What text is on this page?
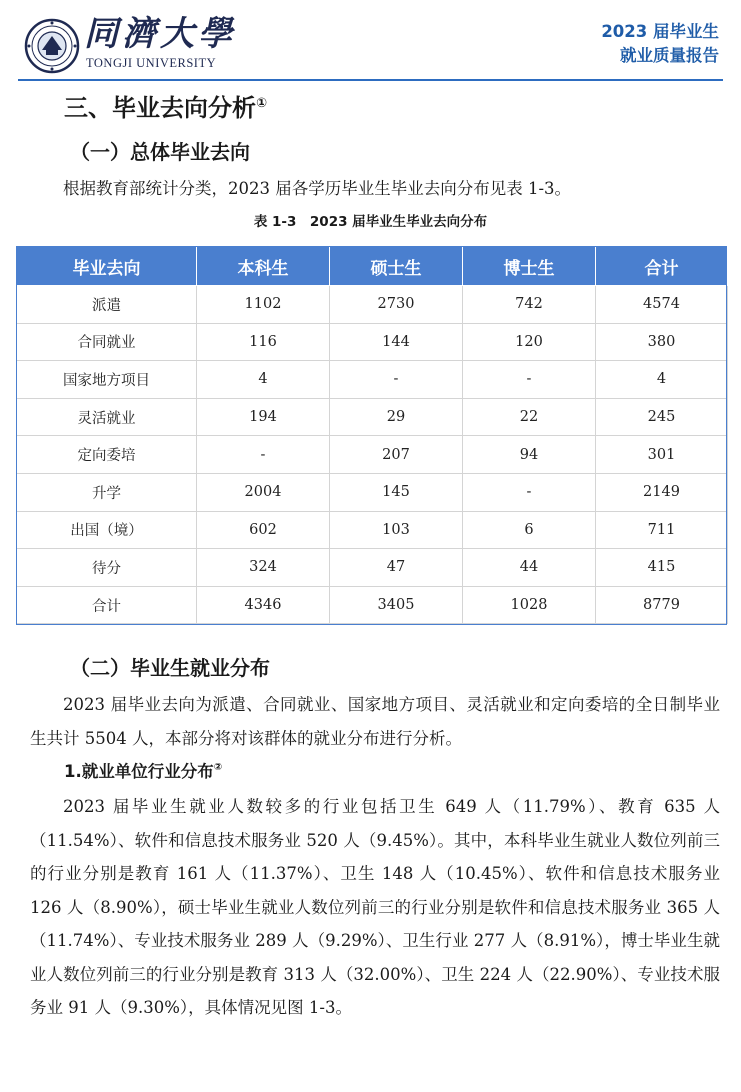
同濟大學
TONGJI UNIVERSITY
2023 届毕业生
就业质量报告
三、毕业去向分析①
（一）总体毕业去向
根据教育部统计分类，2023 届各学历毕业生毕业去向分布见表 1-3。
表 1-3　2023 届毕业生毕业去向分布
毕业去向	本科生	硕士生	博士生	合计
派遣	1102	2730	742	4574
合同就业	116	144	120	380
国家地方项目	4	-	-	4
灵活就业	194	29	22	245
定向委培	-	207	94	301
升学	2004	145	-	2149
出国（境）	602	103	6	711
待分	324	47	44	415
合计	4346	3405	1028	8779
（二）毕业生就业分布
2023 届毕业去向为派遣、合同就业、国家地方项目、灵活就业和定向委培的全日制毕业生共计 5504 人，本部分将对该群体的就业分布进行分析。
1.就业单位行业分布②
2023 届毕业生就业人数较多的行业包括卫生 649 人（11.79%）、教育 635 人（11.54%）、软件和信息技术服务业 520 人（9.45%）。其中，本科毕业生就业人数位列前三的行业分别是教育 161 人（11.37%）、卫生 148 人（10.45%）、软件和信息技术服务业 126 人（8.90%），硕士毕业生就业人数位列前三的行业分别是软件和信息技术服务业 365 人（11.74%）、专业技术服务业 289 人（9.29%）、卫生行业 277 人（8.91%），博士毕业生就业人数位列前三的行业分别是教育 313 人（32.00%）、卫生 224 人（22.90%）、专业技术服务业 91 人（9.30%），具体情况见图 1-3。
